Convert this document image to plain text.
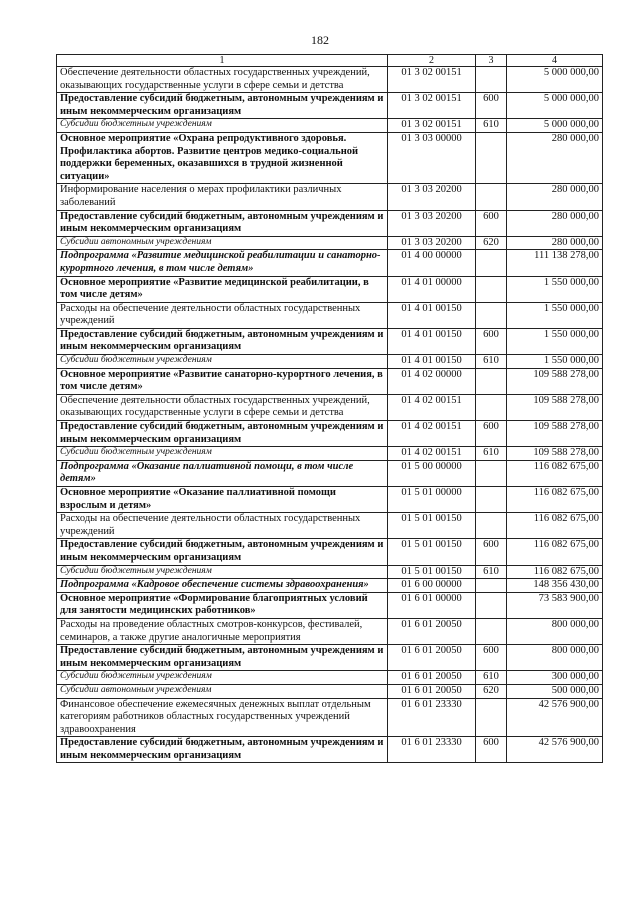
182
1	2	3	4
Обеспечение деятельности областных государственных учреждений, оказывающих государственные услуги в сфере семьи и детства	01 3 02 00151		5 000 000,00
Предоставление субсидий бюджетным, автономным учреждениям и иным некоммерческим организациям	01 3 02 00151	600	5 000 000,00
Субсидии бюджетным учреждениям	01 3 02 00151	610	5 000 000,00
Основное мероприятие «Охрана репродуктивного здоровья. Профилактика абортов. Развитие центров медико-социальной поддержки беременных, оказавшихся в трудной жизненной ситуации»	01 3 03 00000		280 000,00
Информирование населения о мерах профилактики различных заболеваний	01 3 03 20200		280 000,00
Предоставление субсидий бюджетным, автономным учреждениям и иным некоммерческим организациям	01 3 03 20200	600	280 000,00
Субсидии автономным учреждениям	01 3 03 20200	620	280 000,00
Подпрограмма «Развитие медицинской реабилитации и санаторно-курортного лечения, в том числе детям»	01 4 00 00000		111 138 278,00
Основное мероприятие «Развитие медицинской реабилитации, в том числе детям»	01 4 01 00000		1 550 000,00
Расходы на обеспечение деятельности областных государственных учреждений	01 4 01 00150		1 550 000,00
Предоставление субсидий бюджетным, автономным учреждениям и иным некоммерческим организациям	01 4 01 00150	600	1 550 000,00
Субсидии бюджетным учреждениям	01 4 01 00150	610	1 550 000,00
Основное мероприятие «Развитие санаторно-курортного лечения, в том числе детям»	01 4 02 00000		109 588 278,00
Обеспечение деятельности областных государственных учреждений, оказывающих государственные услуги в сфере семьи и детства	01 4 02 00151		109 588 278,00
Предоставление субсидий бюджетным, автономным учреждениям и иным некоммерческим организациям	01 4 02 00151	600	109 588 278,00
Субсидии бюджетным учреждениям	01 4 02 00151	610	109 588 278,00
Подпрограмма «Оказание паллиативной помощи, в том числе детям»	01 5 00 00000		116 082 675,00
Основное мероприятие «Оказание паллиативной помощи взрослым и детям»	01 5 01 00000		116 082 675,00
Расходы на обеспечение деятельности областных государственных учреждений	01 5 01 00150		116 082 675,00
Предоставление субсидий бюджетным, автономным учреждениям и иным некоммерческим организациям	01 5 01 00150	600	116 082 675,00
Субсидии бюджетным учреждениям	01 5 01 00150	610	116 082 675,00
Подпрограмма «Кадровое обеспечение системы здравоохранения»	01 6 00 00000		148 356 430,00
Основное мероприятие «Формирование благоприятных условий для занятости медицинских работников»	01 6 01 00000		73 583 900,00
Расходы на проведение областных смотров-конкурсов, фестивалей, семинаров, а также другие аналогичные мероприятия	01 6 01 20050		800 000,00
Предоставление субсидий бюджетным, автономным учреждениям и иным некоммерческим организациям	01 6 01 20050	600	800 000,00
Субсидии бюджетным учреждениям	01 6 01 20050	610	300 000,00
Субсидии автономным учреждениям	01 6 01 20050	620	500 000,00
Финансовое обеспечение ежемесячных денежных выплат отдельным категориям работников областных государственных учреждений здравоохранения	01 6 01 23330		42 576 900,00
Предоставление субсидий бюджетным, автономным учреждениям и иным некоммерческим организациям	01 6 01 23330	600	42 576 900,00
